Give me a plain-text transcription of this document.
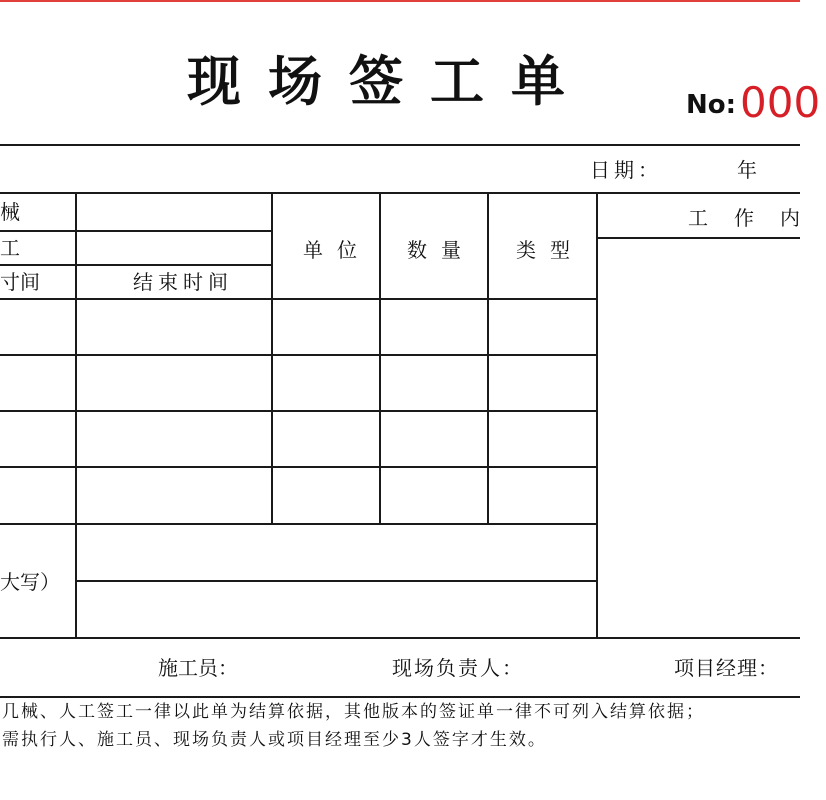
现场签工单	No: 000
日期：	年
械
工
寸间	结束时间
单位 数量 类型
工作内
大写）
施工员：	现场负责人：	项目经理：
几械、人工签工一律以此单为结算依据，其他版本的签证单一律不可列入结算依据；
需执行人、施工员、现场负责人或项目经理至少3人签字才生效。
